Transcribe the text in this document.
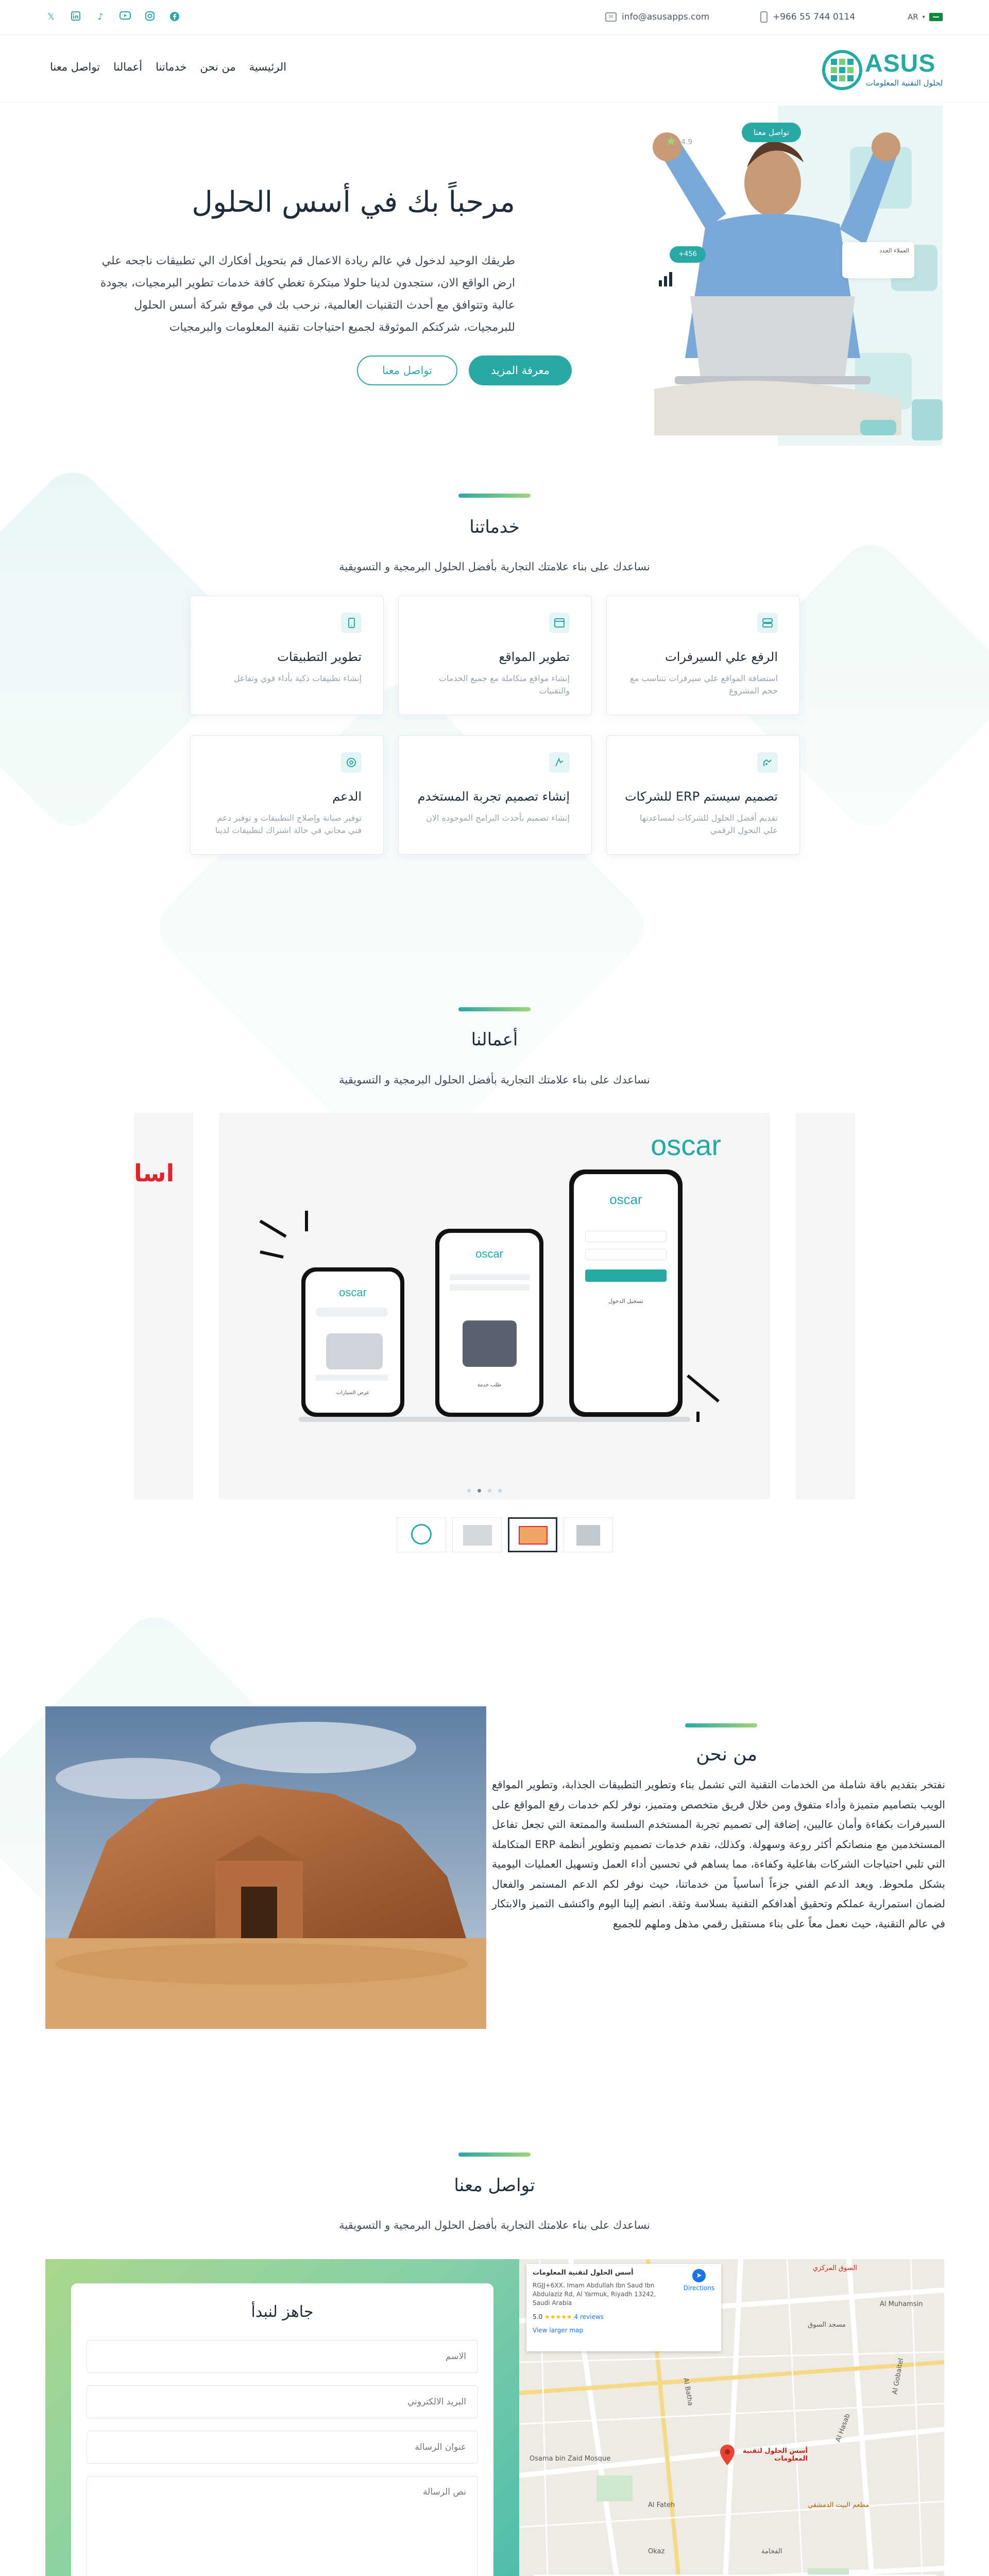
𝕏	♪	✉ info@asusapps.com	+966 55 744 0114	AR ▾
الرئيسية
من نحن
خدماتنا
أعمالنا
تواصل معنا	ASUS
لحلول التقنية المعلومات
تواصل معنا
★ 4.9
+456	العملاء الجدد
مرحباً بك في أسس الحلول
طريقك الوحيد لدخول في عالم ريادة الاعمال قم بتحويل أفكارك الي تطبيقات ناجحه علي ارض الواقع الان، ستجدون لدينا حلولا مبتكرة تغطي كافة خدمات تطوير البرمجيات، بجودة عالية وتتوافق مع أحدث التقنيات العالمية، نرحب بك في موقع شركة أسس الحلول للبرمجيات، شركتكم الموثوقة لجميع احتياجات تقنية المعلومات والبرمجيات
معرفة المزيد
تواصل معنا
خدماتنا
نساعدك على بناء علامتك التجارية بأفضل الحلول البرمجية و التسويقية
الرفع علي السيرفرات
استضافة المواقع علي سيرفرات تتناسب مع حجم المشروع
تطوير المواقع
إنشاء مواقع متكاملة مع جميع الخدمات والتقنيات
تطوير التطبيقات
إنشاء تطبيقات ذكية بأداء قوي وتفاعل
تصميم سيستم ERP للشركات
تقديم أفضل الحلول للشركات لمساعدتها علي التحول الرقمي
إنشاء تصميم تجربة المستخدم
إنشاء تصميم بأحدث البرامج الموجوده الان
الدعم
توفير صيانة وإصلاح التطبيقات و توفير دعم فني مجاني في حالة اشتراك لتطبيقات لدينا
أعمالنا
نساعدك على بناء علامتك التجارية بأفضل الحلول البرمجية و التسويقية
اسا
oscar
oscar
عرض السيارات
oscar
طلب خدمة
oscar
تسجيل الدخول
من نحن
نفتخر بتقديم باقة شاملة من الخدمات التقنية التي تشمل بناء وتطوير التطبيقات الجذابة، وتطوير المواقع الويب بتصاميم متميزة وأداء متفوق ومن خلال فريق متخصص ومتميز، نوفر لكم خدمات رفع المواقع على السيرفرات بكفاءة وأمان عاليين، إضافة إلى تصميم تجربة المستخدم السلسة والممتعة التي تجعل تفاعل المستخدمين مع منصاتكم أكثر روعة وسهولة. وكذلك، نقدم خدمات تصميم وتطوير أنظمة ERP المتكاملة التي تلبي احتياجات الشركات بفاعلية وكفاءة، مما يساهم في تحسين أداء العمل وتسهيل العمليات اليومية بشكل ملحوظ. ويعد الدعم الفني جزءاً أساسياً من خدماتنا، حيث نوفر لكم الدعم المستمر والفعال لضمان استمرارية عملكم وتحقيق أهدافكم التقنية بسلاسة وثقة. انضم إلينا اليوم واكتشف التميز والابتكار في عالم التقنية، حيث نعمل معاً على بناء مستقبل رقمي مذهل وملهم للجميع
تواصل معنا
نساعدك على بناء علامتك التجارية بأفضل الحلول البرمجية و التسويقية
جاهز لنبدأ
الاسم
البريد الالكتروني
عنوان الرسالة
نص الرسالة
أسس الحلول لتقنية المعلومات
السوق المركزي
مسجد السوق
مطعم البيت الدمشقي
Osama bin Zaid Mosque
Al Fateh
Al Batha
Al Hasab
Al Gobaitel
الفخامة
Okaz
Al Muhamsin
أسس الحلول لتقنية المعلومات
RGJJ+6XX، Imam Abdullah Ibn Saud Ibn Abdulaziz Rd, Al Yarmuk, Riyadh 13242, Saudi Arabia
5.0 ★★★★★ 4 reviews
View larger map
➤
Directions
